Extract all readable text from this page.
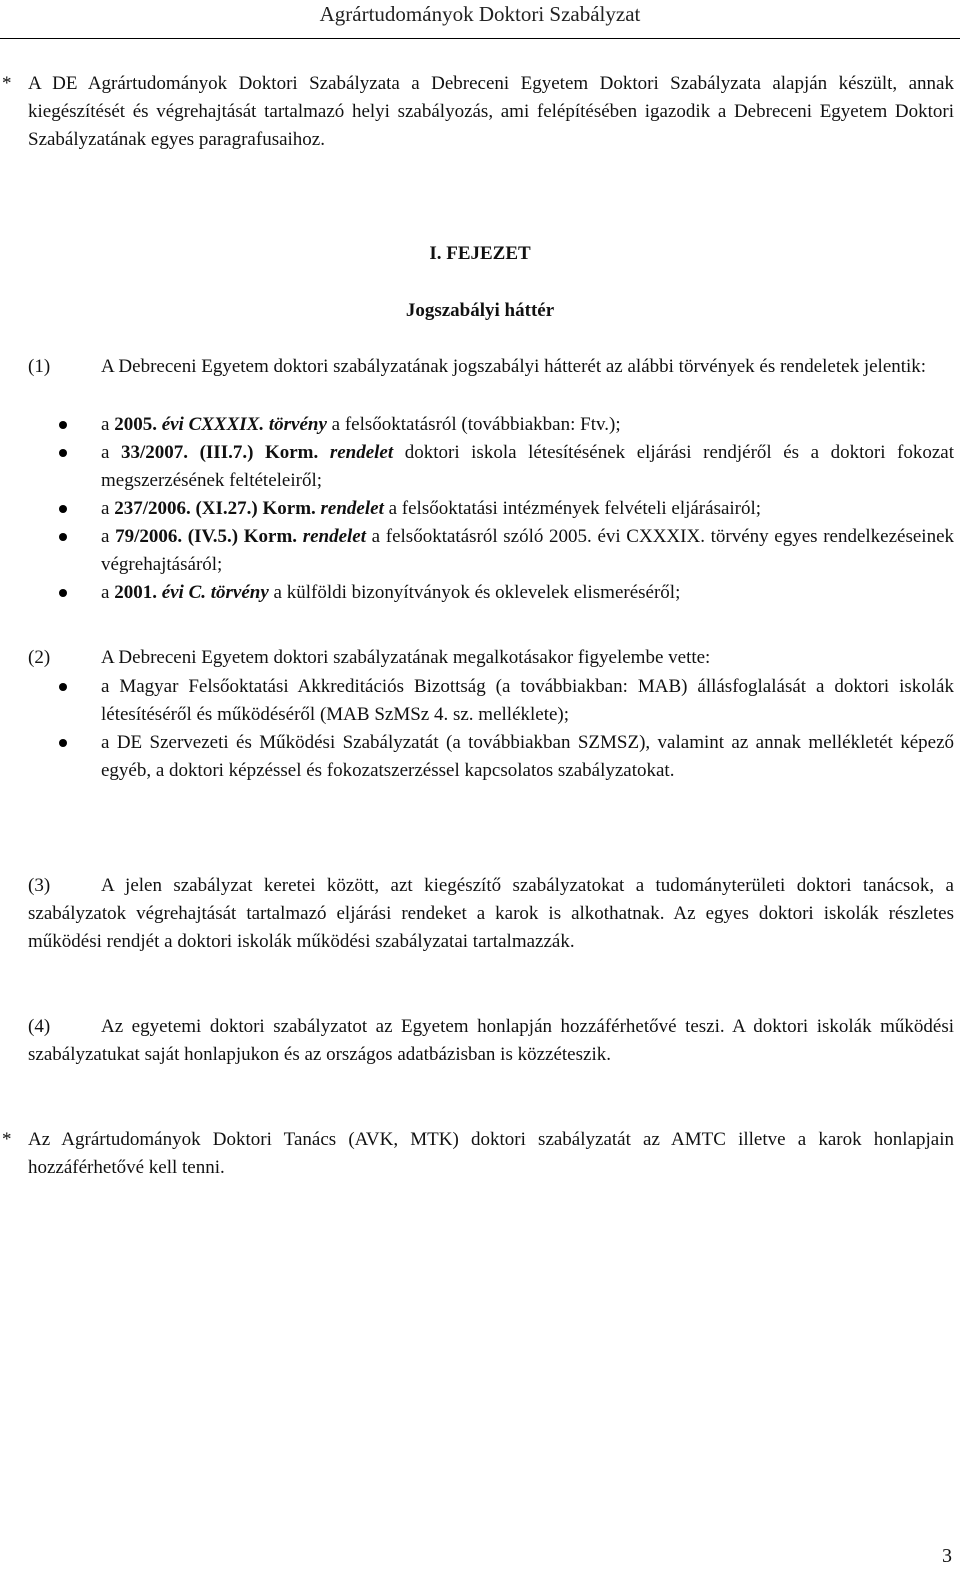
Agrártudományok Doktori Szabályzat
* A DE Agrártudományok Doktori Szabályzata a Debreceni Egyetem Doktori Szabályzata alapján készült, annak kiegészítését és végrehajtását tartalmazó helyi szabályozás, ami felépítésében igazodik a Debreceni Egyetem Doktori Szabályzatának egyes paragrafusaihoz.
I. FEJEZET
Jogszabályi háttér
(1)	A Debreceni Egyetem doktori szabályzatának jogszabályi hátterét az alábbi törvények és rendeletek jelentik:
a 2005. évi CXXXIX. törvény a felsőoktatásról (továbbiakban: Ftv.);
a 33/2007. (III.7.) Korm. rendelet doktori iskola létesítésének eljárási rendjéről és a doktori fokozat megszerzésének feltételeiről;
a 237/2006. (XI.27.) Korm. rendelet a felsőoktatási intézmények felvételi eljárásairól;
a 79/2006. (IV.5.) Korm. rendelet a felsőoktatásról szóló 2005. évi CXXXIX. törvény egyes rendelkezéseinek végrehajtásáról;
a 2001. évi C. törvény a külföldi bizonyítványok és oklevelek elismeréséről;
(2)	A Debreceni Egyetem doktori szabályzatának megalkotásakor figyelembe vette:
a Magyar Felsőoktatási Akkreditációs Bizottság (a továbbiakban: MAB) állásfoglalását a doktori iskolák létesítéséről és működéséről (MAB SzMSz 4. sz. melléklete);
a DE Szervezeti és Működési Szabályzatát (a továbbiakban SZMSZ), valamint az annak mellékletét képező egyéb, a doktori képzéssel és fokozatszerzéssel kapcsolatos szabályzatokat.
(3)	A jelen szabályzat keretei között, azt kiegészítő szabályzatokat a tudományterületi doktori tanácsok, a szabályzatok végrehajtását tartalmazó eljárási rendeket a karok is alkothatnak. Az egyes doktori iskolák részletes működési rendjét a doktori iskolák működési szabályzatai tartalmazzák.
(4)	Az egyetemi doktori szabályzatot az Egyetem honlapján hozzáférhetővé teszi. A doktori iskolák működési szabályzatukat saját honlapjukon és az országos adatbázisban is közzéteszik.
* Az Agrártudományok Doktori Tanács (AVK, MTK) doktori szabályzatát az AMTC illetve a karok honlapjain hozzáférhetővé kell tenni.
3
